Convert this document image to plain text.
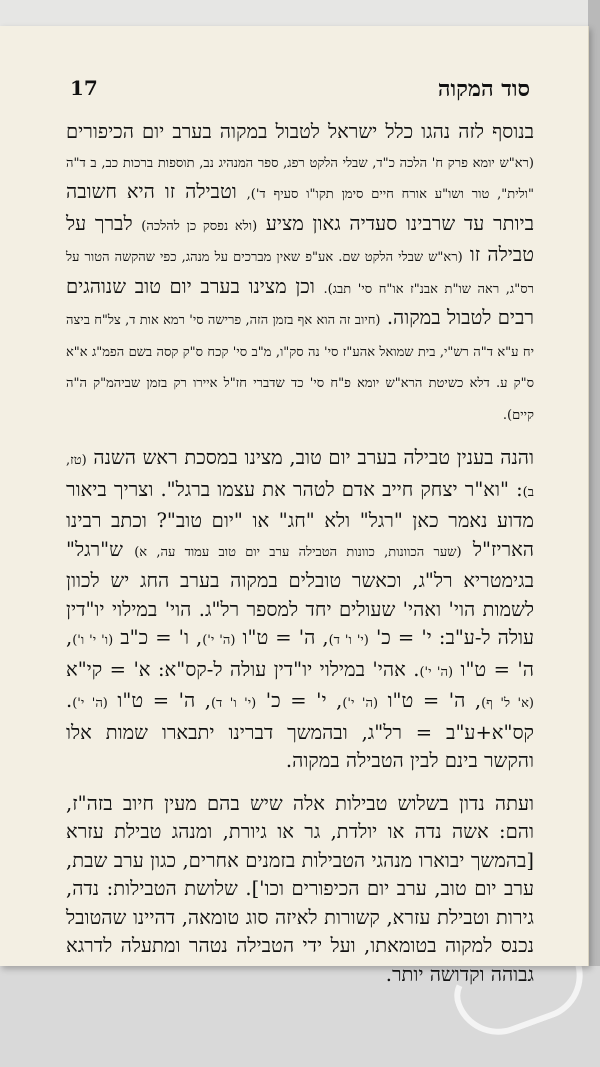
17	סוד המקוה

בנוסף לזה נהגו כלל ישראל לטבול במקוה בערב יום הכיפורים (רא"ש יומא פרק ח' הלכה כ"ד, שבלי הלקט רפג, ספר המנהיג נב, תוספות ברכות כב, ב ד"ה "ולית", טור ושו"ע אורח חיים סימן תקו"ו סעיף ד'), וטבילה זו היא חשובה ביותר עד שרבינו סעדיה גאון מציע (ולא נפסק כן להלכה) לברך על טבילה זו (רא"ש שבלי הלקט שם. אע"פ שאין מברכים על מנהג, כפי שהקשה הטור על רס"ג, ראה שו"ת אבנ"ז או"ח סי' תבג). וכן מצינו בערב יום טוב שנוהגים רבים לטבול במקוה. (חיוב זה הוא אף בזמן הזה, פרישה סי' רמא אות ד, צל"ח ביצה יח ע"א ד"ה רש"י, בית שמואל אהע"ז סי' נה סק"ו, מ"ב סי' קכח ס"ק קסה בשם הפמ"ג א"א ס"ק ע. דלא כשיטת הרא"ש יומא פ"ח סי' כד שדברי חז"ל איירו רק בזמן שביהמ"ק ה"ה קיים).

והנה בענין טבילה בערב יום טוב, מצינו במסכת ראש השנה (טז, ב): "וא"ר יצחק חייב אדם לטהר את עצמו ברגל". וצריך ביאור מדוע נאמר כאן "רגל" ולא "חג" או "יום טוב"? וכתב רבינו האריז"ל (שער הכוונות, כוונות הטבילה ערב יום טוב עמוד עה, א) ש"רגל" בגימטריא רל"ג, וכאשר טובלים במקוה בערב החג יש לכוון לשמות הוי' ואהי' שעולים יחד למספר רל"ג. הוי' במילוי יו"דין עולה ל-ע"ב: י' = כ' (י' ו' ד), ה' = ט"ו (ה' י'), ו' = כ"ב (ו' י' ו'), ה' = ט"ו (ה' י'). אהי' במילוי יו"דין עולה ל-קס"א: א' = קי"א (א' ל' ף), ה' = ט"ו (ה' י'), י' = כ' (י' ו' ד), ה' = ט"ו (ה' י'). קס"א+ע"ב = רל"ג, ובהמשך דברינו יתבארו שמות אלו והקשר בינם לבין הטבילה במקוה.

ועתה נדון בשלוש טבילות אלה שיש בהם מעין חיוב בזה"ז, והם: אשה נדה או יולדת, גר או גיורת, ומנהג טבילת עזרא [בהמשך יבוארו מנהגי הטבילות בזמנים אחרים, כגון ערב שבת, ערב יום טוב, ערב יום הכיפורים וכו']. שלושת הטבילות: נדה, גירות וטבילת עזרא, קשורות לאיזה סוג טומאה, דהיינו שהטובל נכנס למקוה בטומאתו, ועל ידי הטבילה נטהר ומתעלה לדרגא גבוהה וקדושה יותר.
